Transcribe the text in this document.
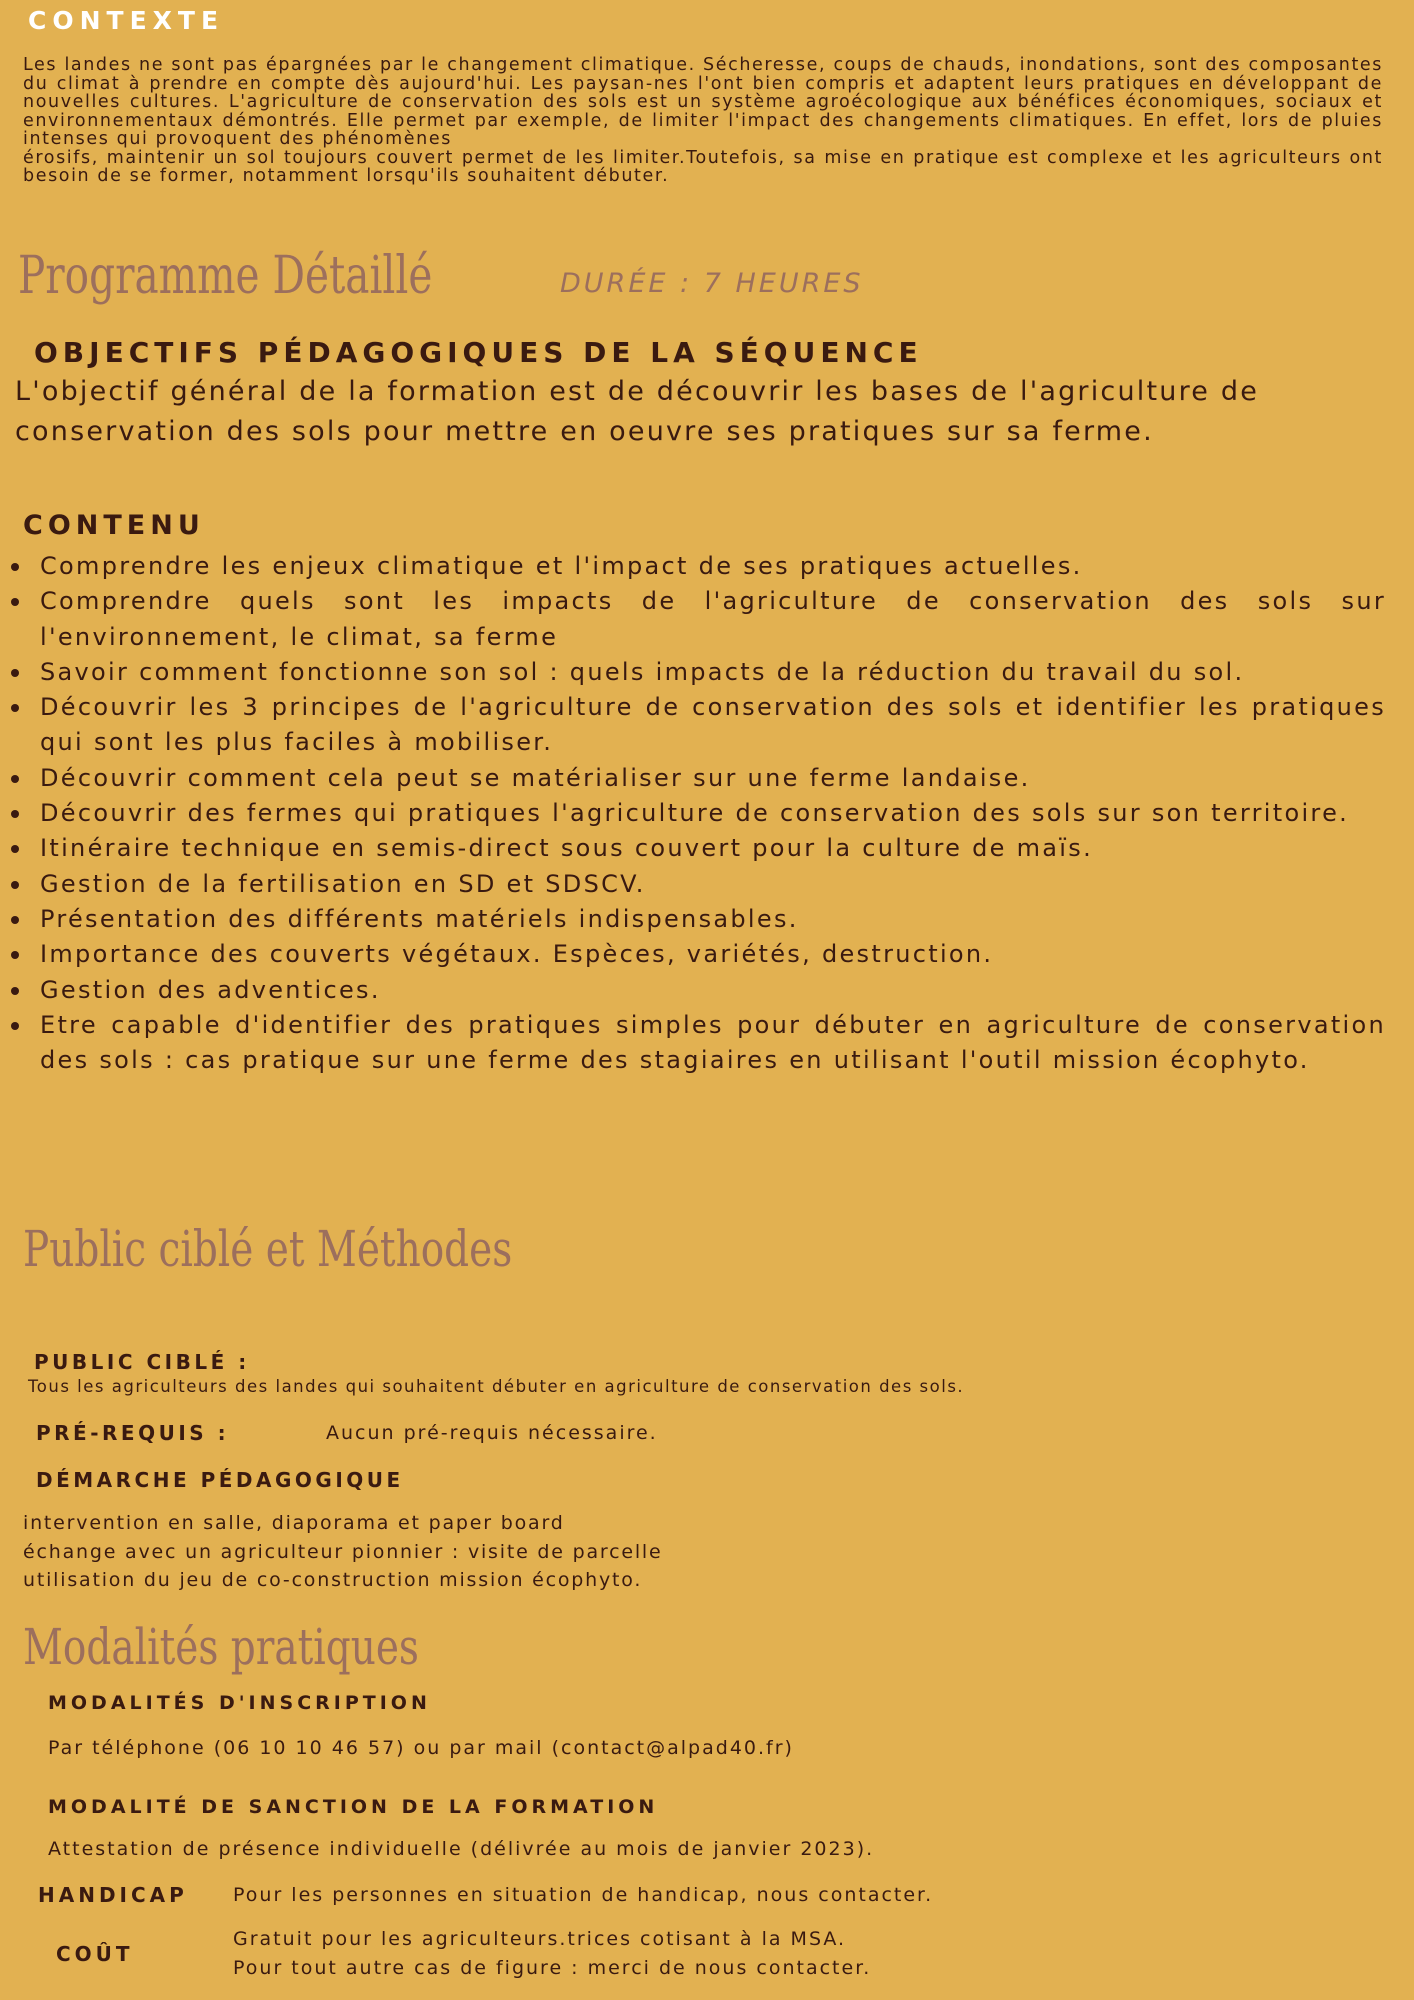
CONTEXTE

Les landes ne sont pas épargnées par le changement climatique. Sécheresse, coups de chauds, inondations, sont des composantes du climat à prendre en compte dès aujourd'hui. Les paysan-nes l'ont bien compris et adaptent leurs pratiques en développant de nouvelles cultures. L'agriculture de conservation des sols est un système agroécologique aux bénéfices économiques, sociaux et environnementaux démontrés. Elle permet par exemple, de limiter l'impact des changements climatiques. En effet, lors de pluies intenses qui provoquent des phénomènes

érosifs, maintenir un sol toujours couvert permet de les limiter.Toutefois, sa mise en pratique est complexe et les agriculteurs ont besoin de se former, notamment lorsqu'ils souhaitent débuter.

Programme Détaillé	DURÉE : 7 HEURES
OBJECTIFS PÉDAGOGIQUES DE LA SÉQUENCE

L'objectif général de la formation est de découvrir les bases de l'agriculture de conservation des sols pour mettre en oeuvre ses pratiques sur sa ferme.

CONTENU
Comprendre les enjeux climatique et l'impact de ses pratiques actuelles.
Comprendre quels sont les impacts de l'agriculture de conservation des sols sur l'environnement, le climat, sa ferme
Savoir comment fonctionne son sol : quels impacts de la réduction du travail du sol.
Découvrir les 3 principes de l'agriculture de conservation des sols et identifier les pratiques qui sont les plus faciles à mobiliser.
Découvrir comment cela peut se matérialiser sur une ferme landaise.
Découvrir des fermes qui pratiques l'agriculture de conservation des sols sur son territoire.
Itinéraire technique en semis-direct sous couvert pour la culture de maïs.
Gestion de la fertilisation en SD et SDSCV.
Présentation des différents matériels indispensables.
Importance des couverts végétaux. Espèces, variétés, destruction.
Gestion des adventices.
Etre capable d'identifier des pratiques simples pour débuter en agriculture de conservation des sols : cas pratique sur une ferme des stagiaires en utilisant l'outil mission écophyto.
Public ciblé et Méthodes
PUBLIC CIBLÉ :
Tous les agriculteurs des landes qui souhaitent débuter en agriculture de conservation des sols.
PRÉ-REQUIS :	Aucun pré-requis nécessaire.
DÉMARCHE PÉDAGOGIQUE
intervention en salle, diaporama et paper board
échange avec un agriculteur pionnier : visite de parcelle
utilisation du jeu de co-construction mission écophyto.
Modalités pratiques
MODALITÉS D'INSCRIPTION
Par téléphone (06 10 10 46 57) ou par mail (contact@alpad40.fr)
MODALITÉ DE SANCTION DE LA FORMATION
Attestation de présence individuelle (délivrée au mois de janvier 2023).
HANDICAP Pour les personnes en situation de handicap, nous contacter.
COÛT
Gratuit pour les agriculteurs.trices cotisant à la MSA.
Pour tout autre cas de figure : merci de nous contacter.
